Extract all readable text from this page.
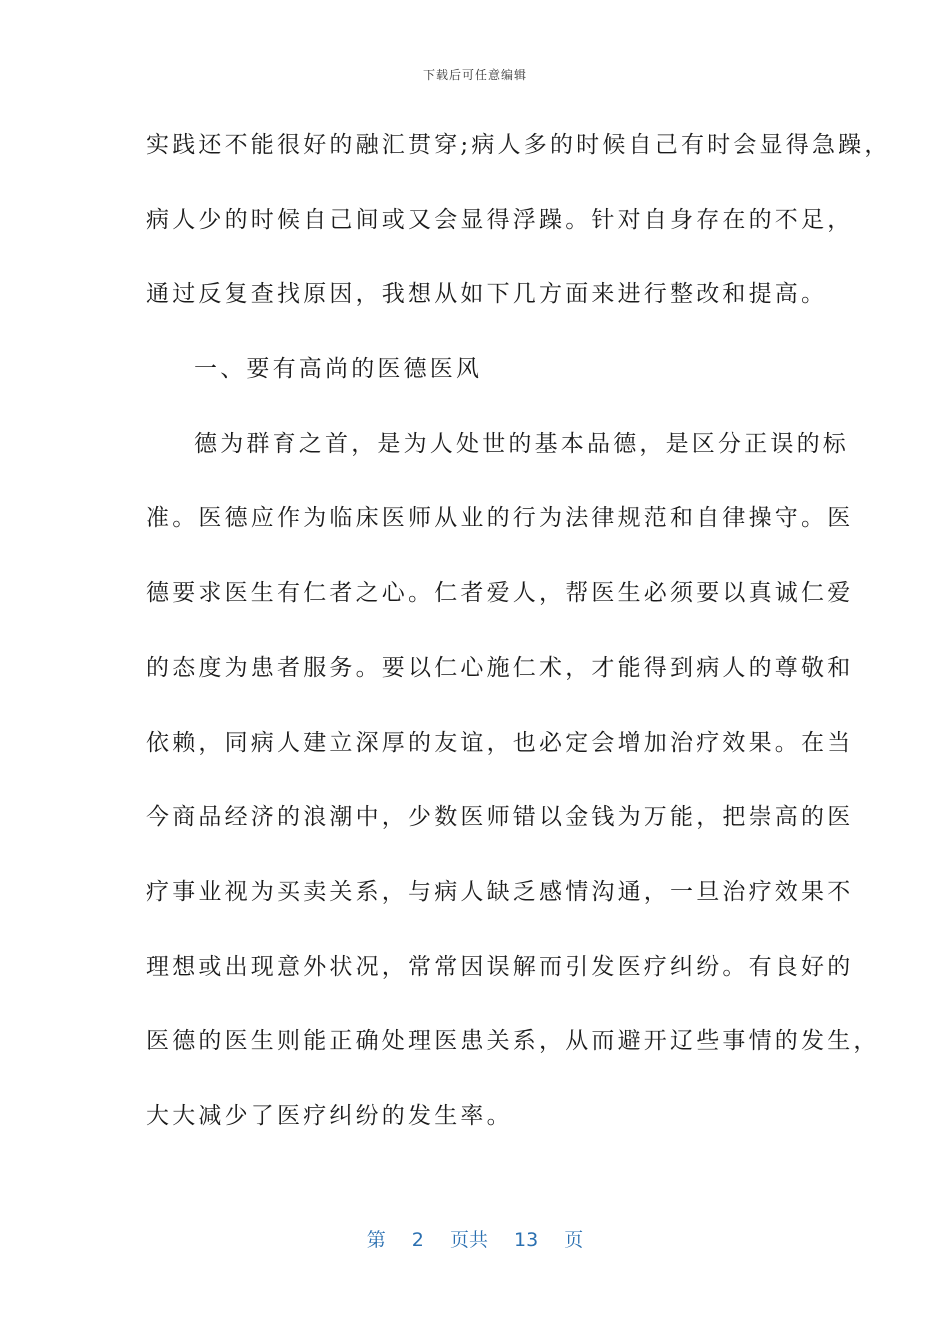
下载后可任意编辑
实践还不能很好的融汇贯穿;病人多的时候自己有时会显得急躁，
病人少的时候自己间或又会显得浮躁。针对自身存在的不足，
通过反复查找原因，我想从如下几方面来进行整改和提高。
一、要有高尚的医德医风
德为群育之首，是为人处世的基本品德，是区分正误的标
准。医德应作为临床医师从业的行为法律规范和自律操守。医
德要求医生有仁者之心。仁者爱人，帮医生必须要以真诚仁爱
的态度为患者服务。要以仁心施仁术，才能得到病人的尊敬和
依赖，同病人建立深厚的友谊，也必定会增加治疗效果。在当
今商品经济的浪潮中，少数医师错以金钱为万能，把崇高的医
疗事业视为买卖关系，与病人缺乏感情沟通，一旦治疗效果不
理想或出现意外状况，常常因误解而引发医疗纠纷。有良好的
医德的医生则能正确处理医患关系，从而避开辽些事情的发生，
大大减少了医疗纠纷的发生率。
第 2 页共 13 页
